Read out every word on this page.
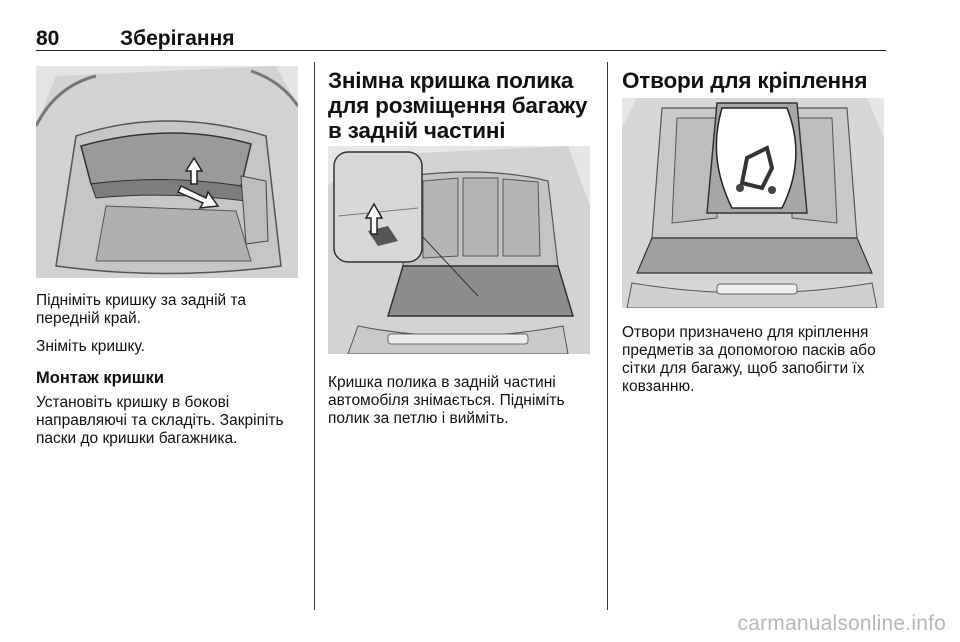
80	Зберігання

Підніміть кришку за задній та передній край.

Зніміть кришку.

Монтаж кришки

Установіть кришку в бокові направляючі та складіть. Закріпіть паски до кришки багажника.

Знімна кришка полика для розміщення багажу в задній частині

Кришка полика в задній частині автомобіля знімається. Підніміть полик за петлю і вийміть.

Отвори для кріплення

Отвори призначено для кріплення предметів за допомогою пасків або сітки для багажу, щоб запобігти їх ковзанню.

carmanualsonline.info
